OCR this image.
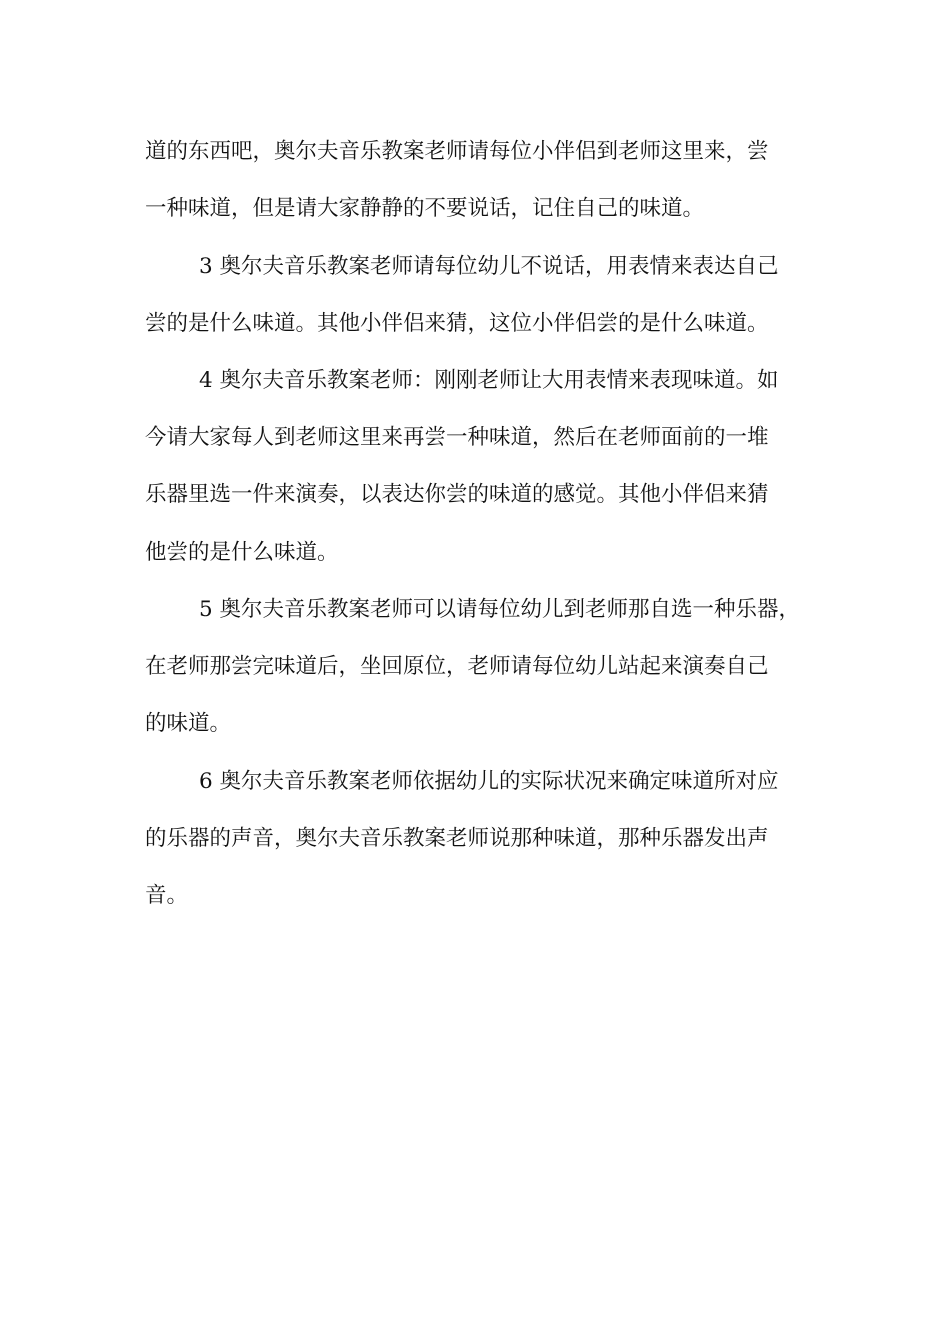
道的东西吧，奥尔夫音乐教案老师请每位小伴侣到老师这里来，尝

一种味道，但是请大家静静的不要说话，记住自己的味道。

3 奥尔夫音乐教案老师请每位幼儿不说话，用表情来表达自己

尝的是什么味道。其他小伴侣来猜，这位小伴侣尝的是什么味道。

4 奥尔夫音乐教案老师：刚刚老师让大用表情来表现味道。如

今请大家每人到老师这里来再尝一种味道，然后在老师面前的一堆

乐器里选一件来演奏，以表达你尝的味道的感觉。其他小伴侣来猜

他尝的是什么味道。

5 奥尔夫音乐教案老师可以请每位幼儿到老师那自选一种乐器，

在老师那尝完味道后，坐回原位，老师请每位幼儿站起来演奏自己

的味道。

6 奥尔夫音乐教案老师依据幼儿的实际状况来确定味道所对应

的乐器的声音，奥尔夫音乐教案老师说那种味道，那种乐器发出声

音。
